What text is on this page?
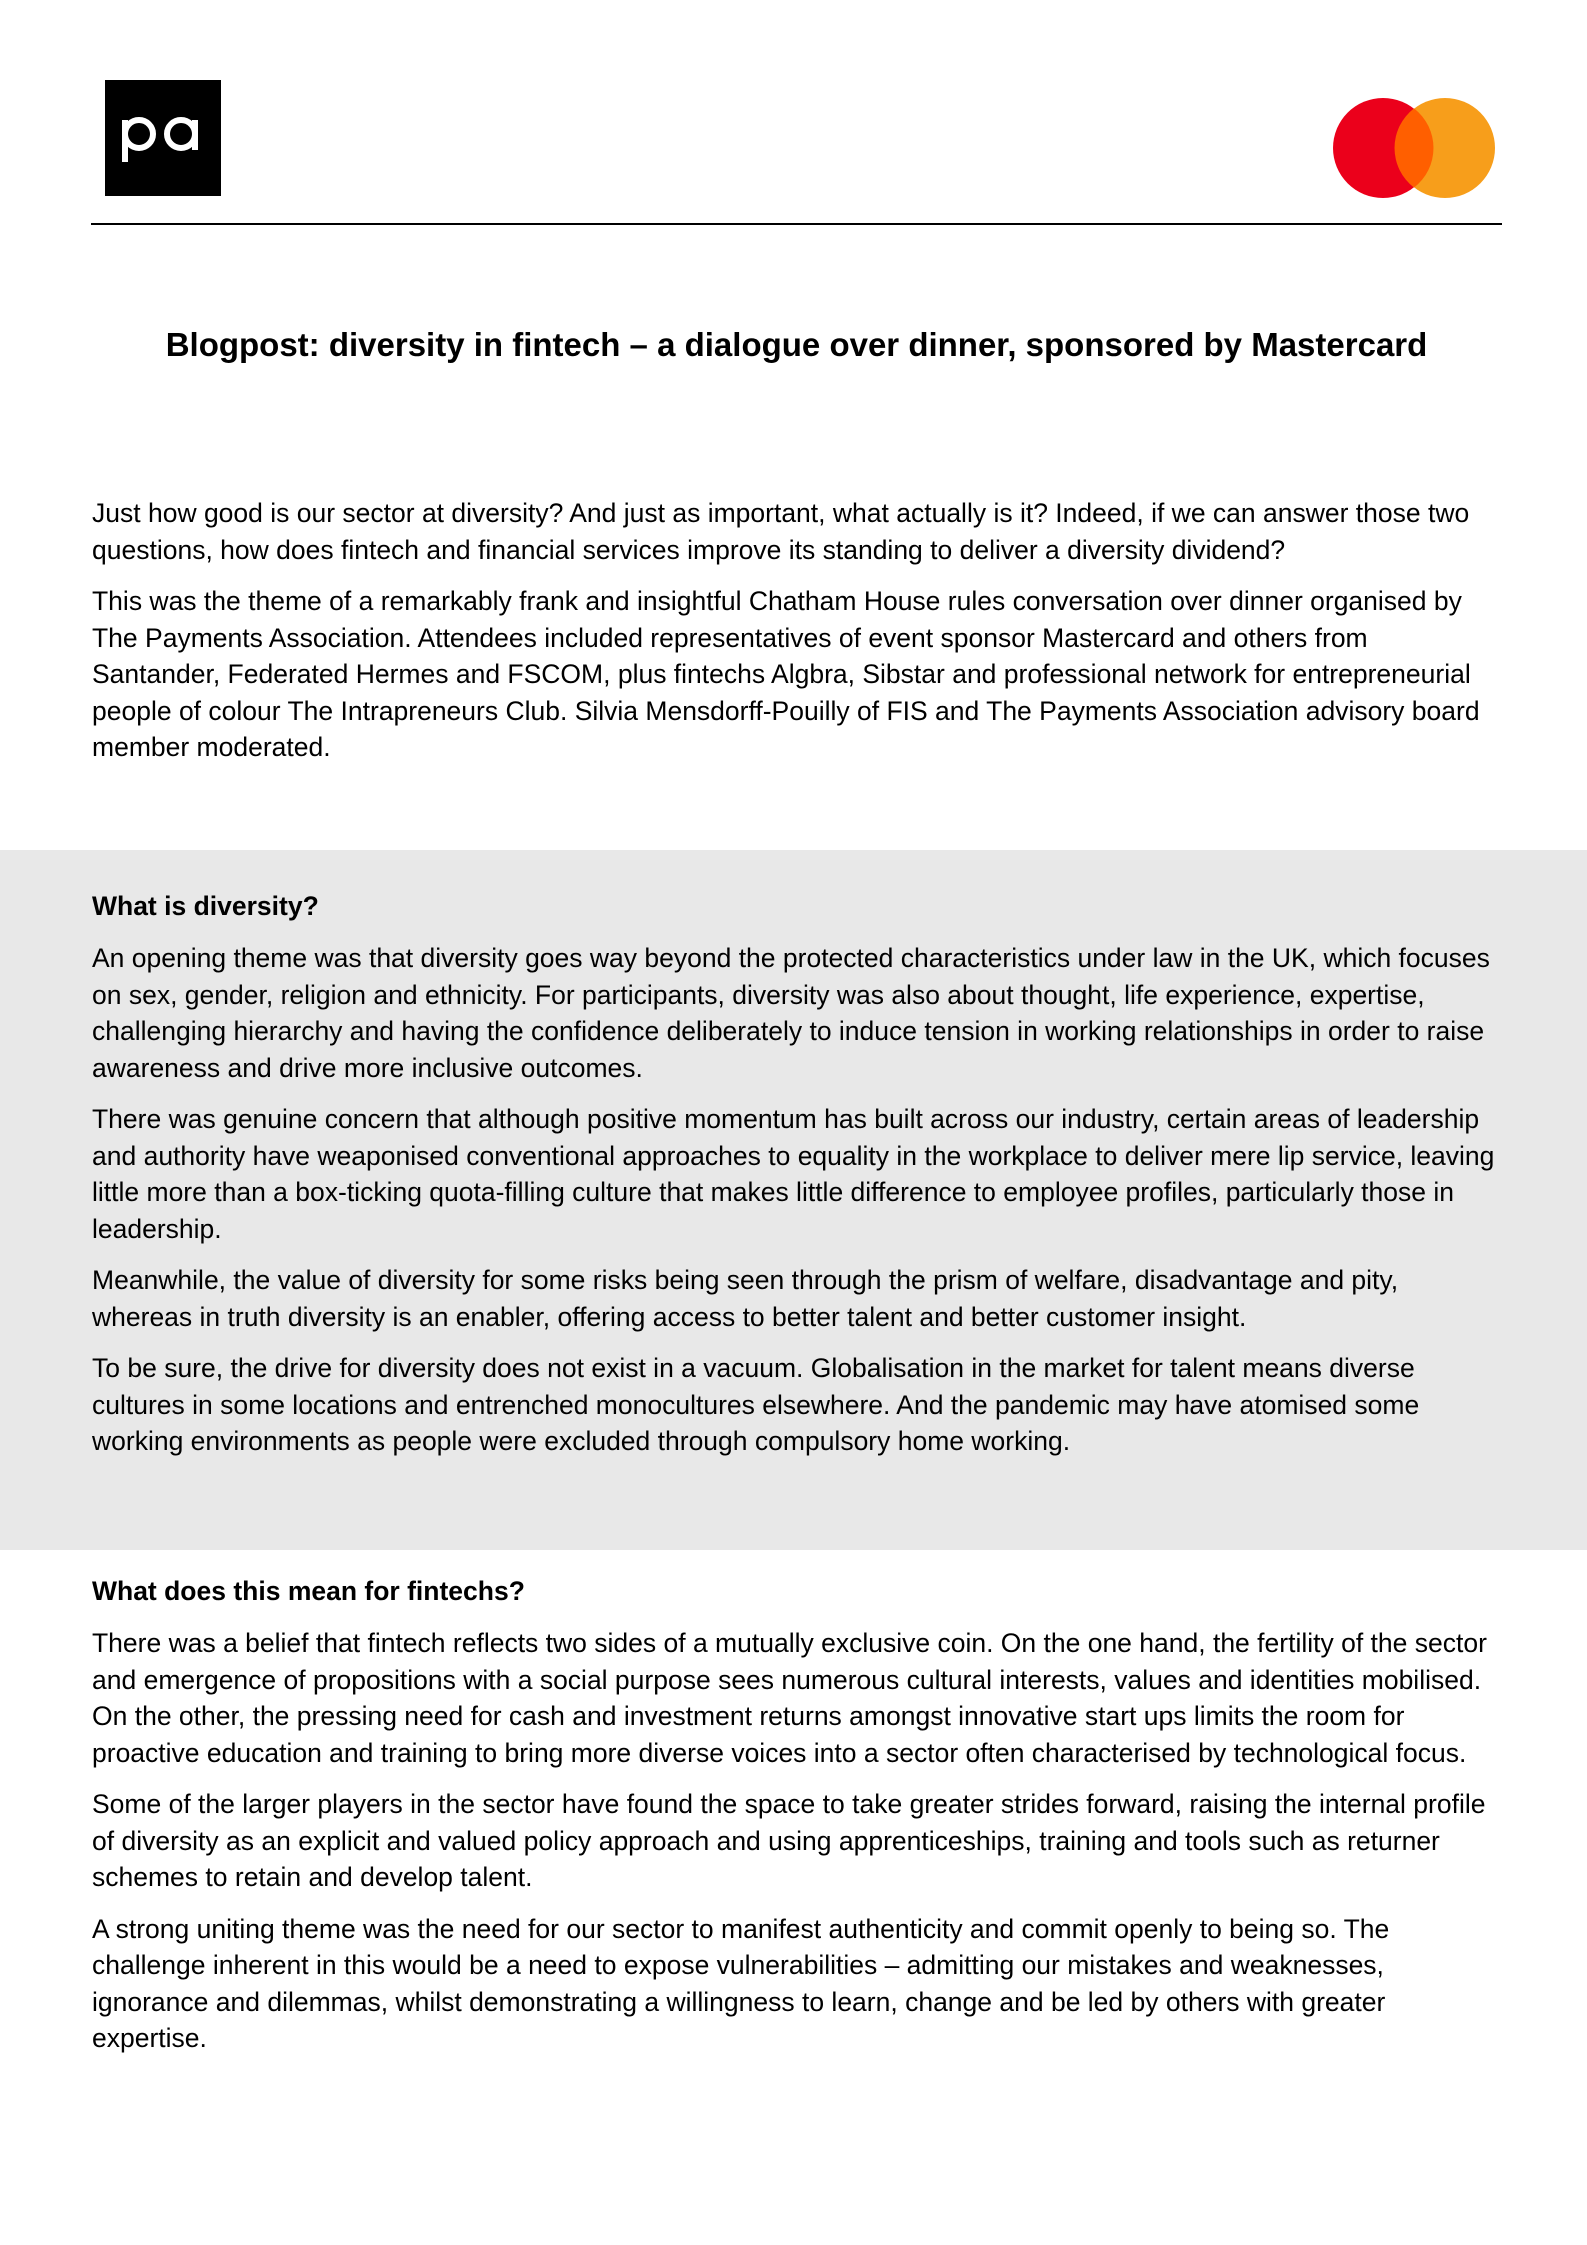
Blogpost: diversity in fintech – a dialogue over dinner, sponsored by Mastercard

Just how good is our sector at diversity? And just as important, what actually is it? Indeed, if we can answer those two questions, how does fintech and financial services improve its standing to deliver a diversity dividend?

This was the theme of a remarkably frank and insightful Chatham House rules conversation over dinner organised by The Payments Association. Attendees included representatives of event sponsor Mastercard and others from Santander, Federated Hermes and FSCOM, plus fintechs Algbra, Sibstar and professional network for entrepreneurial people of colour The Intrapreneurs Club. Silvia Mensdorff-Pouilly of FIS and The Payments Association advisory board member moderated.

What is diversity?

An opening theme was that diversity goes way beyond the protected characteristics under law in the UK, which focuses on sex, gender, religion and ethnicity. For participants, diversity was also about thought, life experience, expertise, challenging hierarchy and having the confidence deliberately to induce tension in working relationships in order to raise awareness and drive more inclusive outcomes.

There was genuine concern that although positive momentum has built across our industry, certain areas of leadership and authority have weaponised conventional approaches to equality in the workplace to deliver mere lip service, leaving little more than a box-ticking quota-filling culture that makes little difference to employee profiles, particularly those in leadership.

Meanwhile, the value of diversity for some risks being seen through the prism of welfare, disadvantage and pity, whereas in truth diversity is an enabler, offering access to better talent and better customer insight.

To be sure, the drive for diversity does not exist in a vacuum. Globalisation in the market for talent means diverse cultures in some locations and entrenched monocultures elsewhere. And the pandemic may have atomised some working environments as people were excluded through compulsory home working.

What does this mean for fintechs?

There was a belief that fintech reflects two sides of a mutually exclusive coin. On the one hand, the fertility of the sector and emergence of propositions with a social purpose sees numerous cultural interests, values and identities mobilised. On the other, the pressing need for cash and investment returns amongst innovative start ups limits the room for proactive education and training to bring more diverse voices into a sector often characterised by technological focus.

Some of the larger players in the sector have found the space to take greater strides forward, raising the internal profile of diversity as an explicit and valued policy approach and using apprenticeships, training and tools such as returner schemes to retain and develop talent.

A strong uniting theme was the need for our sector to manifest authenticity and commit openly to being so. The challenge inherent in this would be a need to expose vulnerabilities – admitting our mistakes and weaknesses, ignorance and dilemmas, whilst demonstrating a willingness to learn, change and be led by others with greater expertise.
